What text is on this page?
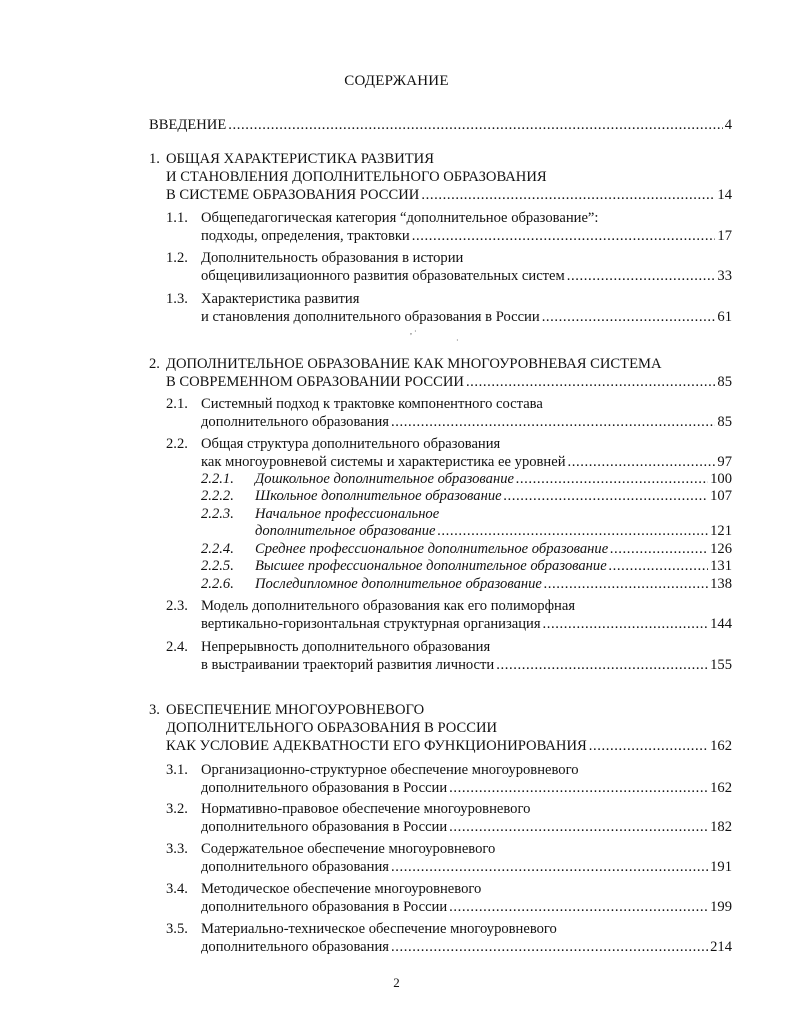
СОДЕРЖАНИЕ
ВВЕДЕНИЕ .....	4
1. ОБЩАЯ ХАРАКТЕРИСТИКА РАЗВИТИЯ
И СТАНОВЛЕНИЯ ДОПОЛНИТЕЛЬНОГО ОБРАЗОВАНИЯ
В СИСТЕМЕ ОБРАЗОВАНИЯ РОССИИ .....	14
1.1. Общепедагогическая категория “дополнительное образование”:
подходы, определения, трактовки .....	17
1.2. Дополнительность образования в истории
общецивилизационного развития образовательных систем .....	33
1.3. Характеристика развития
и становления дополнительного образования в России .....	61
, ·
·
2. ДОПОЛНИТЕЛЬНОЕ ОБРАЗОВАНИЕ КАК МНОГОУРОВНЕВАЯ СИСТЕМА
В СОВРЕМЕННОМ ОБРАЗОВАНИИ РОССИИ .....	85
2.1. Системный подход к трактовке компонентного состава
дополнительного образования .....	85
2.2. Общая структура дополнительного образования
как многоуровневой системы и характеристика ее уровней .....	97
2.2.1. Дошкольное дополнительное образование .....	100
2.2.2. Школьное дополнительное образование .....	107
2.2.3. Начальное профессиональное
дополнительное образование .....	121
2.2.4. Среднее профессиональное дополнительное образование .....	126
2.2.5. Высшее профессиональное дополнительное образование .....	131
2.2.6. Последипломное дополнительное образование .....	138
2.3. Модель дополнительного образования как его полиморфная
вертикально-горизонтальная структурная организация .....	144
2.4. Непрерывность дополнительного образования
в выстраивании траекторий развития личности .....	155
3. ОБЕСПЕЧЕНИЕ МНОГОУРОВНЕВОГО
ДОПОЛНИТЕЛЬНОГО ОБРАЗОВАНИЯ В РОССИИ
КАК УСЛОВИЕ АДЕКВАТНОСТИ ЕГО ФУНКЦИОНИРОВАНИЯ .....	162
3.1. Организационно-структурное обеспечение многоуровневого
дополнительного образования в России .....	162
3.2. Нормативно-правовое обеспечение многоуровневого
дополнительного образования в России .....	182
3.3. Содержательное обеспечение многоуровневого
дополнительного образования .....	191
3.4. Методическое обеспечение многоуровневого
дополнительного образования в России .....	199
3.5. Материально-техническое обеспечение многоуровневого
дополнительного образования .....	214
2
